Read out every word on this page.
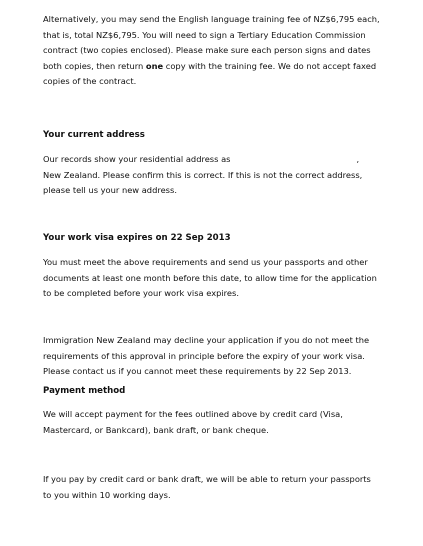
Alternatively, you may send the English language training fee of NZ$6,795 each,
that is, total NZ$6,795. You will need to sign a Tertiary Education Commission
contract (two copies enclosed). Please make sure each person signs and dates
both copies, then return one copy with the training fee. We do not accept faxed
copies of the contract.

Your current address

Our records show your residential address as	,
New Zealand. Please confirm this is correct. If this is not the correct address,
please tell us your new address.

Your work visa expires on 22 Sep 2013

You must meet the above requirements and send us your passports and other
documents at least one month before this date, to allow time for the application
to be completed before your work visa expires.

Immigration New Zealand may decline your application if you do not meet the
requirements of this approval in principle before the expiry of your work visa.
Please contact us if you cannot meet these requirements by 22 Sep 2013.

Payment method

We will accept payment for the fees outlined above by credit card (Visa,
Mastercard, or Bankcard), bank draft, or bank cheque.

If you pay by credit card or bank draft, we will be able to return your passports
to you within 10 working days.
